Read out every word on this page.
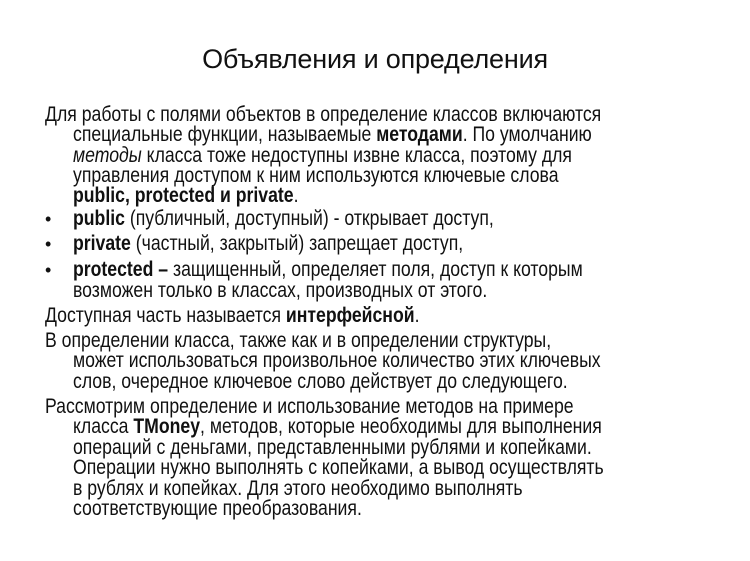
Объявления и определения
Для работы с полями объектов в определение классов включаются
специальные функции, называемые методами. По умолчанию
методы класса тоже недоступны извне класса, поэтому для
управления доступом к ним используются ключевые слова
public, protected и private.
• public (публичный, доступный) - открывает доступ,
• private (частный, закрытый) запрещает доступ,
• protected – защищенный, определяет поля, доступ к которым
возможен только в классах, производных от этого.
Доступная часть называется интерфейсной.
В определении класса, также как и в определении структуры,
может использоваться произвольное количество этих ключевых
слов, очередное ключевое слово действует до следующего.
Рассмотрим определение и использование методов на примере
класса TMoney, методов, которые необходимы для выполнения
операций с деньгами, представленными рублями и копейками.
Операции нужно выполнять с копейками, а вывод осуществлять
в рублях и копейках. Для этого необходимо выполнять
соответствующие преобразования.
